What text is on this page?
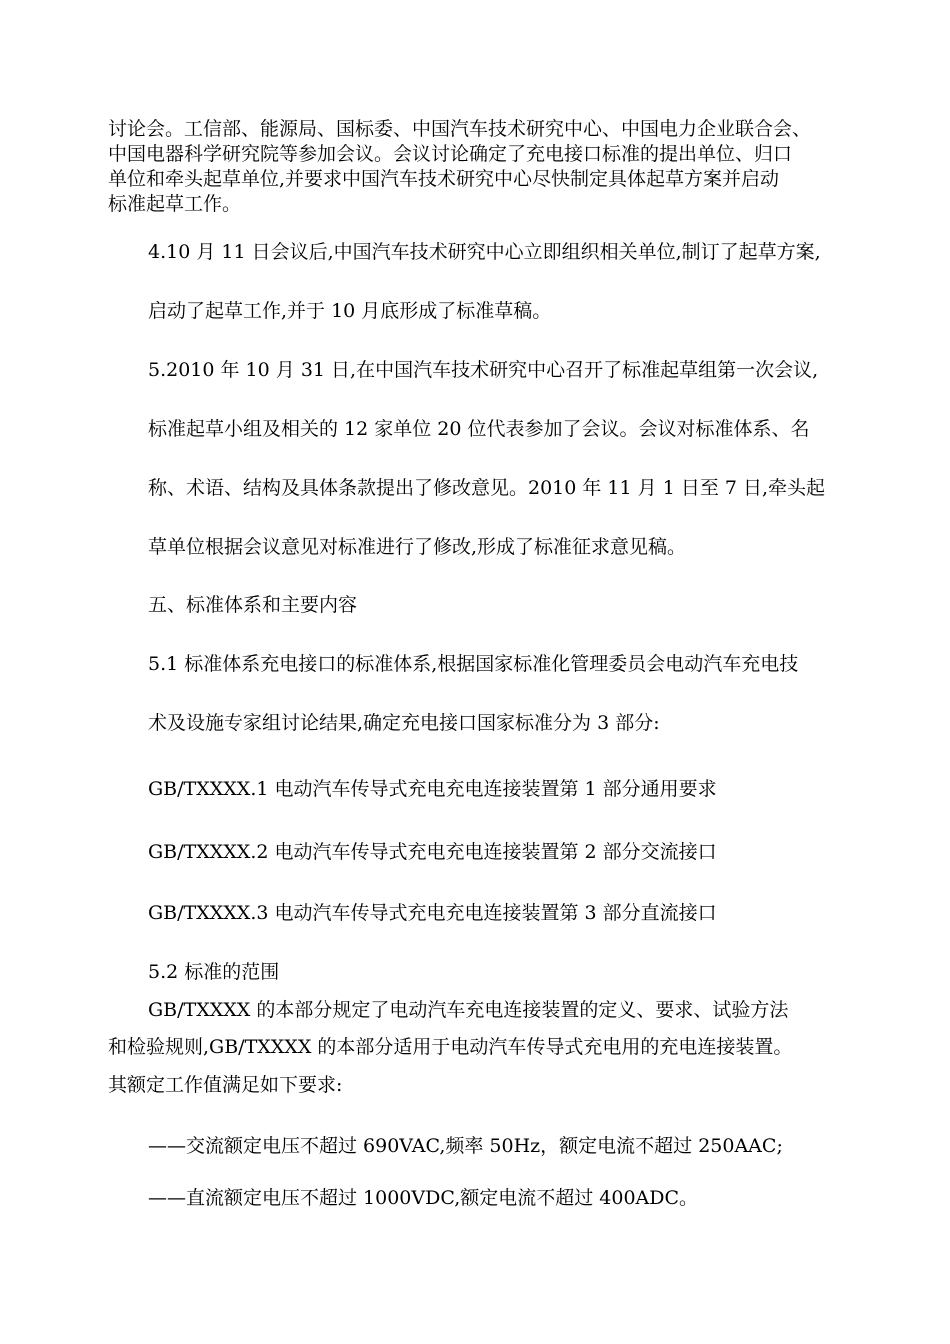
讨论会。工信部、能源局、国标委、中国汽车技术研究中心、中国电力企业联合会、
中国电器科学研究院等参加会议。会议讨论确定了充电接口标准的提出单位、归口
单位和牵头起草单位,并要求中国汽车技术研究中心尽快制定具体起草方案并启动
标准起草工作。
4.10 月 11 日会议后,中国汽车技术研究中心立即组织相关单位,制订了起草方案,
启动了起草工作,并于 10 月底形成了标准草稿。
5.2010 年 10 月 31 日,在中国汽车技术研究中心召开了标准起草组第一次会议,
标准起草小组及相关的 12 家单位 20 位代表参加了会议。会议对标准体系、名
称、术语、结构及具体条款提出了修改意见。2010 年 11 月 1 日至 7 日,牵头起
草单位根据会议意见对标准进行了修改,形成了标准征求意见稿。
五、标准体系和主要内容
5.1 标准体系充电接口的标准体系,根据国家标准化管理委员会电动汽车充电技
术及设施专家组讨论结果,确定充电接口国家标准分为 3 部分:
GB/TXXXX.1 电动汽车传导式充电充电连接装置第 1 部分通用要求
GB/TXXXX.2 电动汽车传导式充电充电连接装置第 2 部分交流接口
GB/TXXXX.3 电动汽车传导式充电充电连接装置第 3 部分直流接口
5.2 标准的范围
GB/TXXXX 的本部分规定了电动汽车充电连接装置的定义、要求、试验方法
和检验规则,GB/TXXXX 的本部分适用于电动汽车传导式充电用的充电连接装置。
其额定工作值满足如下要求:
——交流额定电压不超过 690VAC,频率 50Hz，额定电流不超过 250AAC;
——直流额定电压不超过 1000VDC,额定电流不超过 400ADC。
